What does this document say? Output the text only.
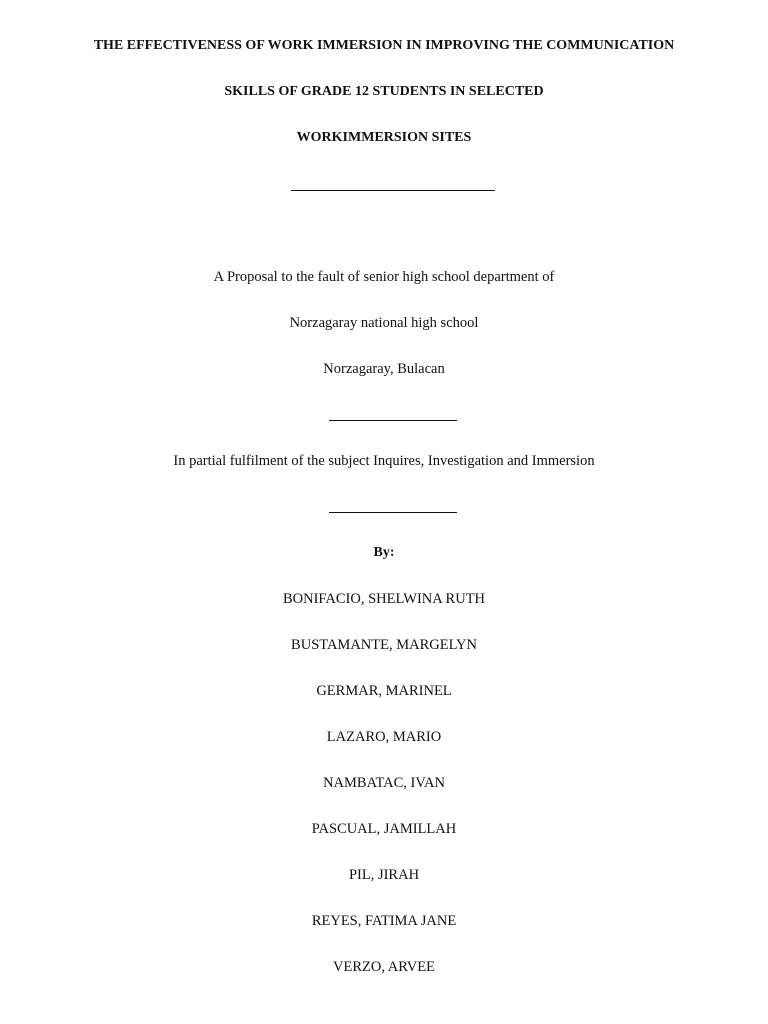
THE EFFECTIVENESS OF WORK IMMERSION IN IMPROVING THE COMMUNICATION
SKILLS OF GRADE 12 STUDENTS IN SELECTED
WORKIMMERSION SITES
A Proposal to the fault of senior high school department of
Norzagaray national high school
Norzagaray, Bulacan
In partial fulfilment of the subject Inquires, Investigation and Immersion
By:
BONIFACIO, SHELWINA RUTH
BUSTAMANTE, MARGELYN
GERMAR, MARINEL
LAZARO, MARIO
NAMBATAC, IVAN
PASCUAL, JAMILLAH
PIL, JIRAH
REYES, FATIMA JANE
VERZO, ARVEE
